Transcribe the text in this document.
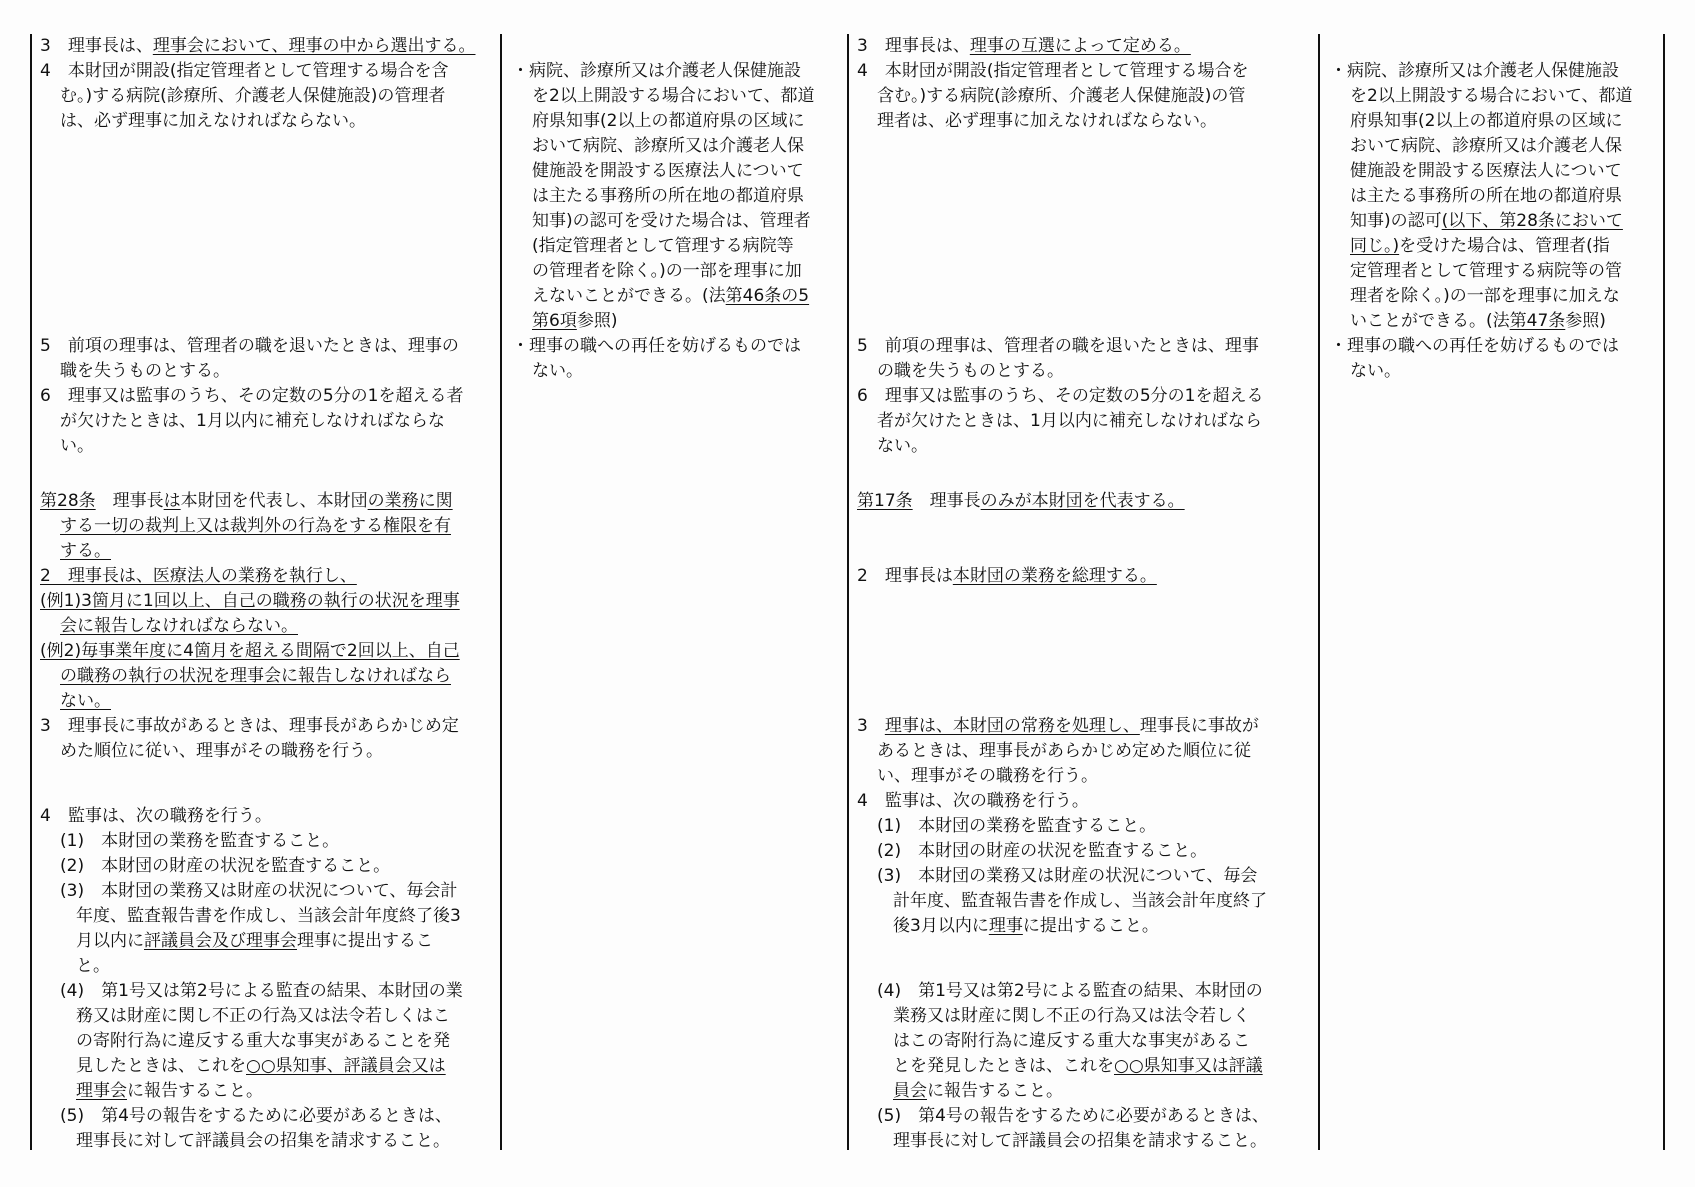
3　理事長は、理事会において、理事の中から選出する。
4　本財団が開設(指定管理者として管理する場合を含
む。)する病院(診療所、介護老人保健施設)の管理者
は、必ず理事に加えなければならない。
5　前項の理事は、管理者の職を退いたときは、理事の
職を失うものとする。
6　理事又は監事のうち、その定数の5分の1を超える者
が欠けたときは、1月以内に補充しなければならな
い。
第28条　理事長は本財団を代表し、本財団の業務に関
する一切の裁判上又は裁判外の行為をする権限を有
する。
2　理事長は、医療法人の業務を執行し、
(例1)3箇月に1回以上、自己の職務の執行の状況を理事
会に報告しなければならない。
(例2)毎事業年度に4箇月を超える間隔で2回以上、自己
の職務の執行の状況を理事会に報告しなければなら
ない。
3　理事長に事故があるときは、理事長があらかじめ定
めた順位に従い、理事がその職務を行う。
4　監事は、次の職務を行う。
(1)　本財団の業務を監査すること。
(2)　本財団の財産の状況を監査すること。
(3)　本財団の業務又は財産の状況について、毎会計
年度、監査報告書を作成し、当該会計年度終了後3
月以内に評議員会及び理事会理事に提出するこ
と。
(4)　第1号又は第2号による監査の結果、本財団の業
務又は財産に関し不正の行為又は法令若しくはこ
の寄附行為に違反する重大な事実があることを発
見したときは、これを○○県知事、評議員会又は
理事会に報告すること。
(5)　第4号の報告をするために必要があるときは、
理事長に対して評議員会の招集を請求すること。
・病院、診療所又は介護老人保健施設
を2以上開設する場合において、都道
府県知事(2以上の都道府県の区域に
おいて病院、診療所又は介護老人保
健施設を開設する医療法人について
は主たる事務所の所在地の都道府県
知事)の認可を受けた場合は、管理者
(指定管理者として管理する病院等
の管理者を除く。)の一部を理事に加
えないことができる。(法第46条の5
第6項参照)
・理事の職への再任を妨げるものでは
ない。
3　理事長は、理事の互選によって定める。
4　本財団が開設(指定管理者として管理する場合を
含む。)する病院(診療所、介護老人保健施設)の管
理者は、必ず理事に加えなければならない。
5　前項の理事は、管理者の職を退いたときは、理事
の職を失うものとする。
6　理事又は監事のうち、その定数の5分の1を超える
者が欠けたときは、1月以内に補充しなければなら
ない。
第17条　理事長のみが本財団を代表する。
2　理事長は本財団の業務を総理する。
3　理事は、本財団の常務を処理し、理事長に事故が
あるときは、理事長があらかじめ定めた順位に従
い、理事がその職務を行う。
4　監事は、次の職務を行う。
(1)　本財団の業務を監査すること。
(2)　本財団の財産の状況を監査すること。
(3)　本財団の業務又は財産の状況について、毎会
計年度、監査報告書を作成し、当該会計年度終了
後3月以内に理事に提出すること。
(4)　第1号又は第2号による監査の結果、本財団の
業務又は財産に関し不正の行為又は法令若しく
はこの寄附行為に違反する重大な事実があるこ
とを発見したときは、これを○○県知事又は評議
員会に報告すること。
(5)　第4号の報告をするために必要があるときは、
理事長に対して評議員会の招集を請求すること。
・病院、診療所又は介護老人保健施設
を2以上開設する場合において、都道
府県知事(2以上の都道府県の区域に
おいて病院、診療所又は介護老人保
健施設を開設する医療法人について
は主たる事務所の所在地の都道府県
知事)の認可(以下、第28条において
同じ。)を受けた場合は、管理者(指
定管理者として管理する病院等の管
理者を除く。)の一部を理事に加えな
いことができる。(法第47条参照)
・理事の職への再任を妨げるものでは
ない。
